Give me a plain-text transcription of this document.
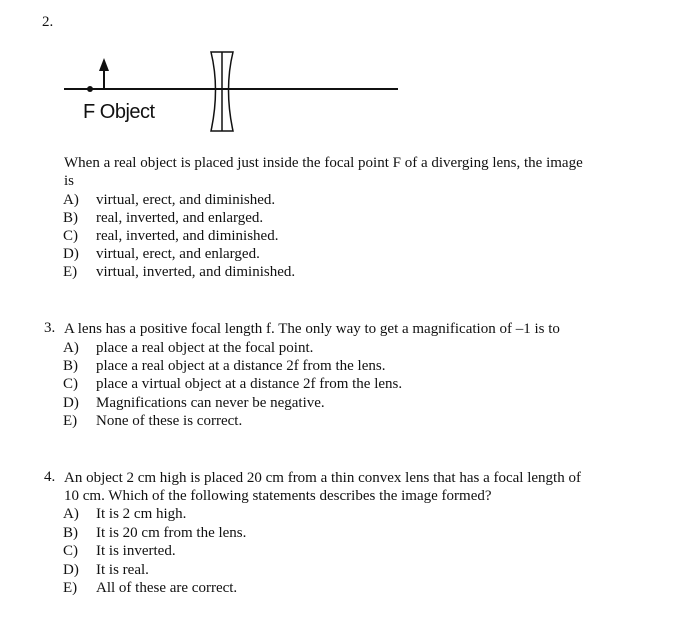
2.
F Object
When a real object is placed just inside the focal point F of a diverging lens, the image
is
A) virtual, erect, and diminished.
B) real, inverted, and enlarged.
C) real, inverted, and diminished.
D) virtual, erect, and enlarged.
E) virtual, inverted, and diminished.
3. A lens has a positive focal length f. The only way to get a magnification of –1 is to
A) place a real object at the focal point.
B) place a real object at a distance 2f from the lens.
C) place a virtual object at a distance 2f from the lens.
D) Magnifications can never be negative.
E) None of these is correct.
4. An object 2 cm high is placed 20 cm from a thin convex lens that has a focal length of
10 cm. Which of the following statements describes the image formed?
A) It is 2 cm high.
B) It is 20 cm from the lens.
C) It is inverted.
D) It is real.
E) All of these are correct.
